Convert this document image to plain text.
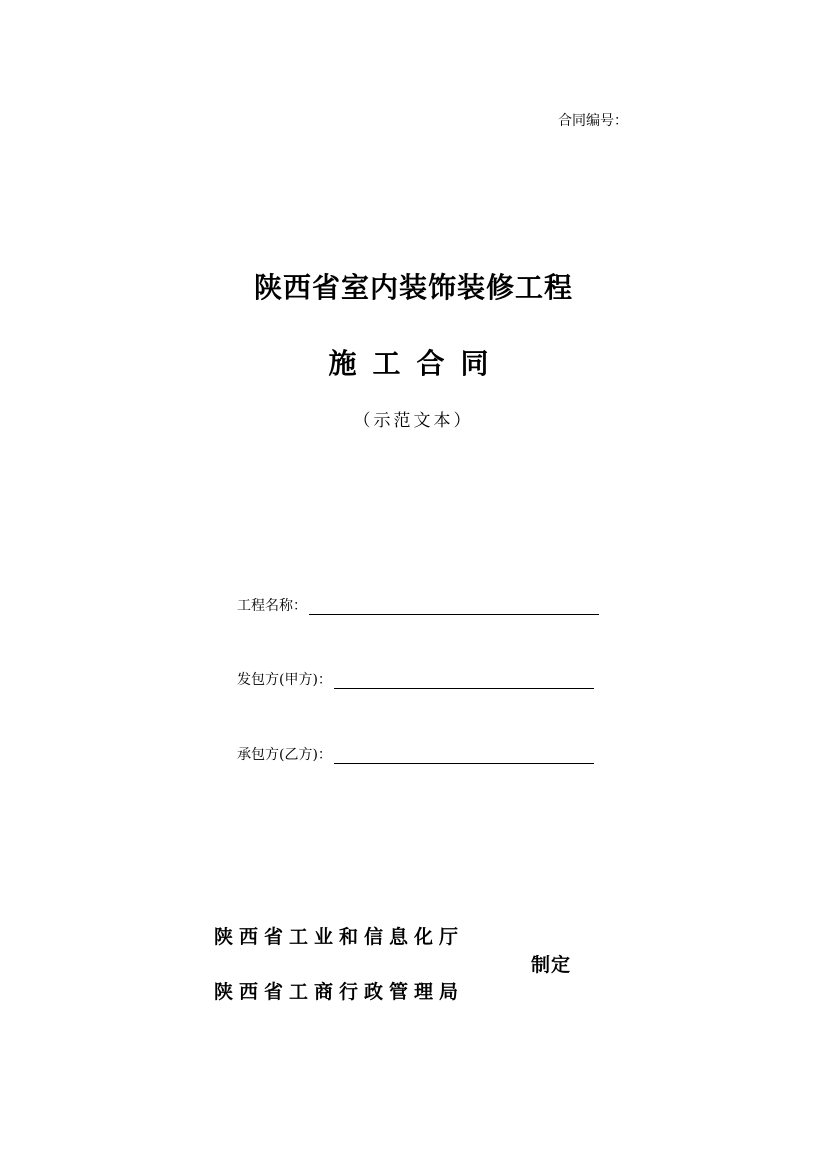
合同编号：
陕西省室内装饰装修工程
施工合同
（示范文本）
工程名称：
发包方(甲方)：
承包方(乙方)：
陕西省工业和信息化厅
制定
陕西省工商行政管理局
